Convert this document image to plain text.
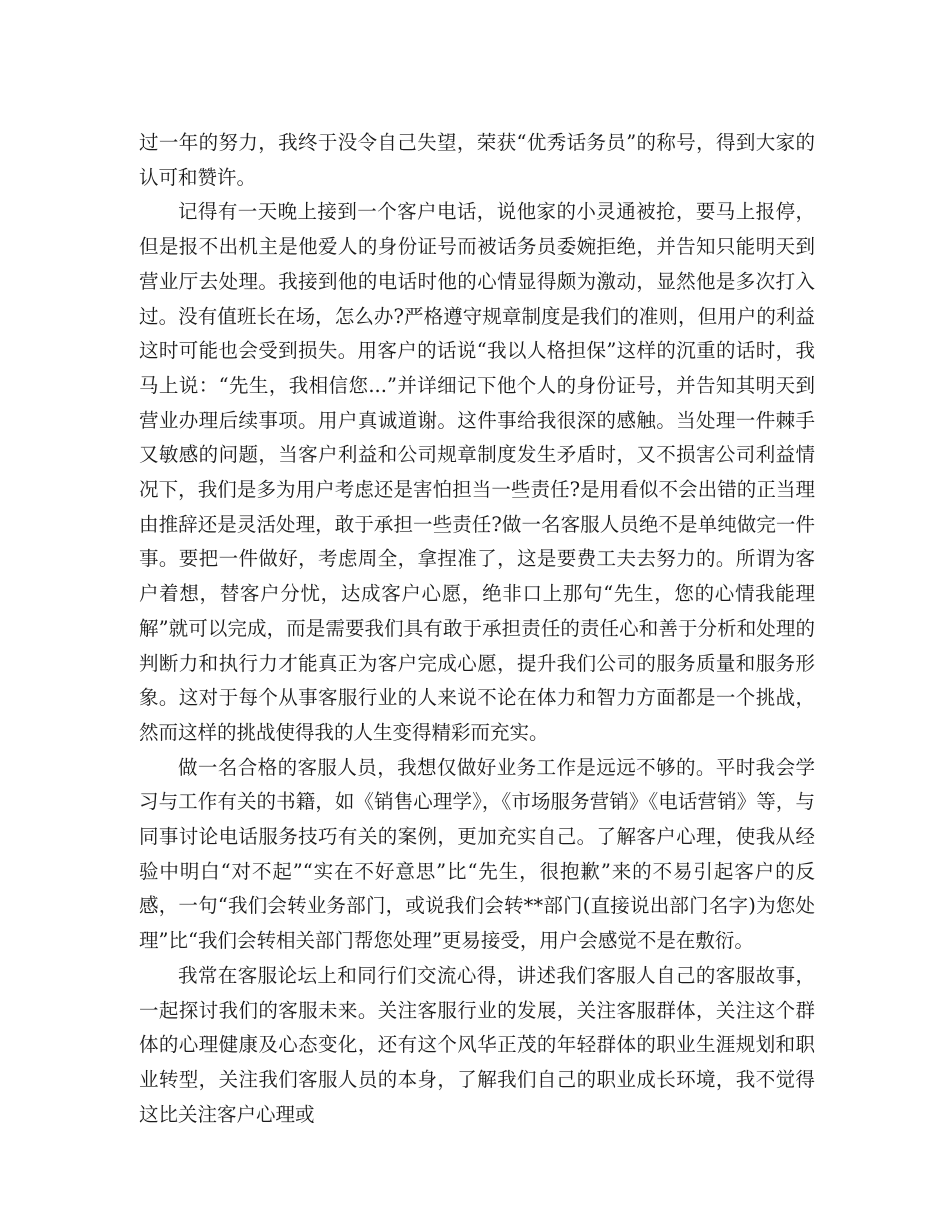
过一年的努力，我终于没令自己失望，荣获“优秀话务员”的称号，得到大家的认可和赞许。

记得有一天晚上接到一个客户电话，说他家的小灵通被抢，要马上报停，但是报不出机主是他爱人的身份证号而被话务员委婉拒绝，并告知只能明天到营业厅去处理。我接到他的电话时他的心情显得颇为激动，显然他是多次打入过。没有值班长在场，怎么办?严格遵守规章制度是我们的准则，但用户的利益这时可能也会受到损失。用客户的话说“我以人格担保”这样的沉重的话时，我马上说：“先生，我相信您...”并详细记下他个人的身份证号，并告知其明天到营业办理后续事项。用户真诚道谢。这件事给我很深的感触。当处理一件棘手又敏感的问题，当客户利益和公司规章制度发生矛盾时，又不损害公司利益情况下，我们是多为用户考虑还是害怕担当一些责任?是用看似不会出错的正当理由推辞还是灵活处理，敢于承担一些责任?做一名客服人员绝不是单纯做完一件事。要把一件做好，考虑周全，拿捏准了，这是要费工夫去努力的。所谓为客户着想，替客户分忧，达成客户心愿，绝非口上那句“先生，您的心情我能理解”就可以完成，而是需要我们具有敢于承担责任的责任心和善于分析和处理的判断力和执行力才能真正为客户完成心愿，提升我们公司的服务质量和服务形象。这对于每个从事客服行业的人来说不论在体力和智力方面都是一个挑战，然而这样的挑战使得我的人生变得精彩而充实。

做一名合格的客服人员，我想仅做好业务工作是远远不够的。平时我会学习与工作有关的书籍，如《销售心理学》，《市场服务营销》《电话营销》等，与同事讨论电话服务技巧有关的案例，更加充实自己。了解客户心理，使我从经验中明白“对不起”“实在不好意思”比“先生，很抱歉”来的不易引起客户的反感，一句“我们会转业务部门，或说我们会转**部门(直接说出部门名字)为您处理”比“我们会转相关部门帮您处理”更易接受，用户会感觉不是在敷衍。

我常在客服论坛上和同行们交流心得，讲述我们客服人自己的客服故事，一起探讨我们的客服未来。关注客服行业的发展，关注客服群体，关注这个群体的心理健康及心态变化，还有这个风华正茂的年轻群体的职业生涯规划和职业转型，关注我们客服人员的本身，了解我们自己的职业成长环境，我不觉得这比关注客户心理或
